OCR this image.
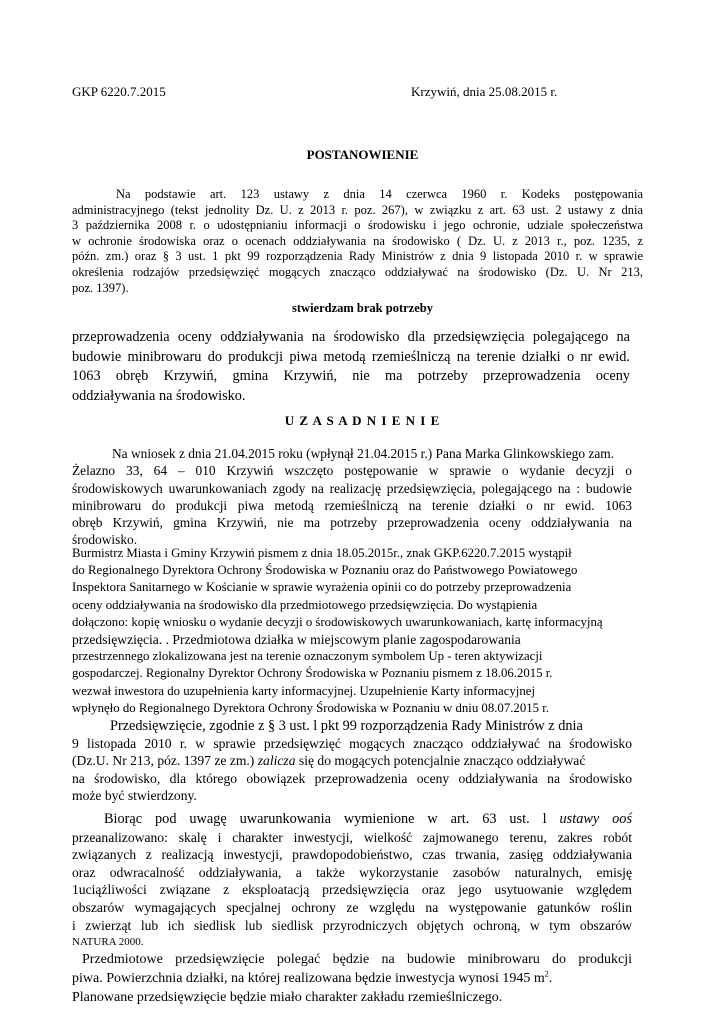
GKP 6220.7.2015	Krzywiń, dnia 25.08.2015 r.
POSTANOWIENIE
Na podstawie art. 123 ustawy z dnia 14 czerwca 1960 r. Kodeks postępowania
administracyjnego (tekst jednolity Dz. U. z 2013 r. poz. 267), w związku z art. 63 ust. 2 ustawy z dnia
3 października 2008 r. o udostępnianiu informacji o środowisku i jego ochronie, udziale społeczeństwa
w ochronie środowiska oraz o ocenach oddziaływania na środowisko ( Dz. U. z 2013 r., poz. 1235, z
późn. zm.) oraz § 3 ust. 1 pkt 99 rozporządzenia Rady Ministrów z dnia 9 listopada 2010 r. w sprawie
określenia rodzajów przedsięwzięć mogących znacząco oddziaływać na środowisko (Dz. U. Nr 213,
poz. 1397).
stwierdzam brak potrzeby
przeprowadzenia oceny oddziaływania na środowisko dla przedsięwzięcia polegającego na
budowie minibrowaru do produkcji piwa metodą rzemieślniczą na terenie działki o nr ewid.
1063 obręb Krzywiń, gmina Krzywiń, nie ma potrzeby przeprowadzenia oceny
oddziaływania na środowisko.
U Z A S A D N I E N I E
Na wniosek z dnia 21.04.2015 roku (wpłynął 21.04.2015 r.) Pana Marka Glinkowskiego zam.
Żelazno 33, 64 – 010 Krzywiń wszczęto postępowanie w sprawie o wydanie decyzji o
środowiskowych uwarunkowaniach zgody na realizację przedsięwzięcia, polegającego na : budowie
minibrowaru do produkcji piwa metodą rzemieślniczą na terenie działki o nr ewid. 1063
obręb Krzywiń, gmina Krzywiń, nie ma potrzeby przeprowadzenia oceny oddziaływania na
środowisko.
Burmistrz Miasta i Gminy Krzywiń pismem z dnia 18.05.2015r., znak GKP.6220.7.2015 wystąpił
do Regionalnego Dyrektora Ochrony Środowiska w Poznaniu oraz do Państwowego Powiatowego
Inspektora Sanitarnego w Kościanie w sprawie wyrażenia opinii co do potrzeby przeprowadzenia
oceny oddziaływania na środowisko dla przedmiotowego przedsięwzięcia. Do wystąpienia
dołączono: kopię wniosku o wydanie decyzji o środowiskowych uwarunkowaniach, kartę informacyjną
przedsięwzięcia. . Przedmiotowa działka w miejscowym planie zagospodarowania
przestrzennego zlokalizowana jest na terenie oznaczonym symbolem Up - teren aktywizacji
gospodarczej. Regionalny Dyrektor Ochrony Środowiska w Poznaniu pismem z 18.06.2015 r.
wezwał inwestora do uzupełnienia karty informacyjnej. Uzupełnienie Karty informacyjnej
wpłynęło do Regionalnego Dyrektora Ochrony Środowiska w Poznaniu w dniu 08.07.2015 r.
Przedsięwzięcie, zgodnie z § 3 ust. l pkt 99 rozporządzenia Rady Ministrów z dnia
9 listopada 2010 r. w sprawie przedsięwzięć mogących znacząco oddziaływać na środowisko
(Dz.U. Nr 213, póz. 1397 ze zm.) zalicza się do mogących potencjalnie znacząco oddziaływać
na środowisko, dla którego obowiązek przeprowadzenia oceny oddziaływania na środowisko
może być stwierdzony.
Biorąc pod uwagę uwarunkowania wymienione w art. 63 ust. l ustawy ooś
przeanalizowano: skalę i charakter inwestycji, wielkość zajmowanego terenu, zakres robót
związanych z realizacją inwestycji, prawdopodobieństwo, czas trwania, zasięg oddziaływania
oraz odwracalność oddziaływania, a także wykorzystanie zasobów naturalnych, emisję
1uciążliwości związane z eksploatacją przedsięwzięcia oraz jego usytuowanie względem
obszarów wymagających specjalnej ochrony ze względu na występowanie gatunków roślin
i zwierząt lub ich siedlisk lub siedlisk przyrodniczych objętych ochroną, w tym obszarów
NATURA 2000.
Przedmiotowe przedsięwzięcie polegać będzie na budowie minibrowaru do produkcji
piwa. Powierzchnia działki, na której realizowana będzie inwestycja wynosi 1945 $m^2$.
Planowane przedsięwzięcie będzie miało charakter zakładu rzemieślniczego.
